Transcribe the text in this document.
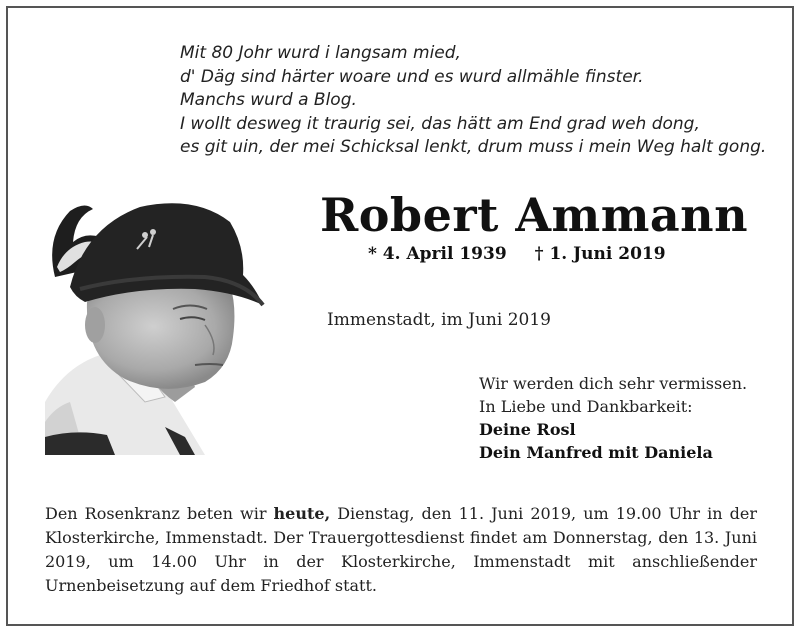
Mit 80 Johr wurd i langsam mied,
d' Däg sind härter woare und es wurd allmähle finster.
Manchs wurd a Blog.
I wollt desweg it traurig sei, das hätt am End grad weh dong,
es git uin, der mei Schicksal lenkt, drum muss i mein Weg halt gong.
Robert Ammann
* 4. April 1939 † 1. Juni 2019
Immenstadt, im Juni 2019
Wir werden dich sehr vermissen.
In Liebe und Dankbarkeit:
Deine Rosl
Dein Manfred mit Daniela
Den Rosenkranz beten wir heute, Dienstag, den 11. Juni 2019, um 19.00 Uhr in der Klosterkirche, Immenstadt. Der Trauergottesdienst findet am Donnerstag, den 13. Juni 2019, um 14.00 Uhr in der Klosterkirche, Immenstadt mit anschließender Urnenbeisetzung auf dem Friedhof statt.
